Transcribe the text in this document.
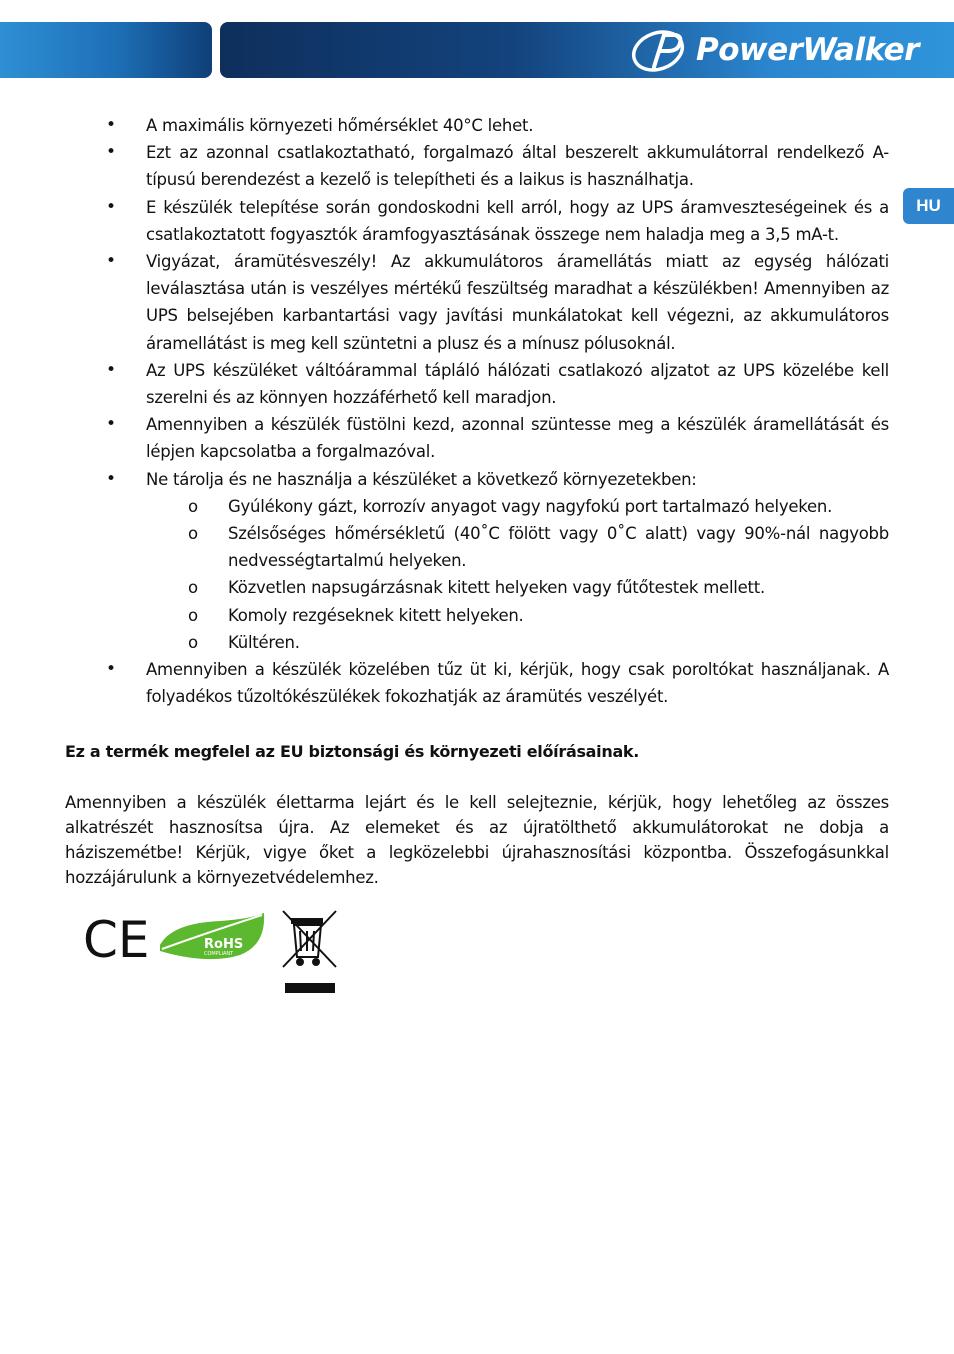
PowerWalker
HU
• A maximális környezeti hőmérséklet 40°C lehet.
• Ezt az azonnal csatlakoztatható, forgalmazó által beszerelt akkumulátorral rendelkező A-típusú berendezést a kezelő is telepítheti és a laikus is használhatja.
• E készülék telepítése során gondoskodni kell arról, hogy az UPS áramveszteségeinek és a csatlakoztatott fogyasztók áramfogyasztásának összege nem haladja meg a 3,5 mA-t.
• Vigyázat, áramütésveszély! Az akkumulátoros áramellátás miatt az egység hálózati leválasztása után is veszélyes mértékű feszültség maradhat a készülékben! Amennyiben az UPS belsejében karbantartási vagy javítási munkálatokat kell végezni, az akkumulátoros áramellátást is meg kell szüntetni a plusz és a mínusz pólusoknál.
• Az UPS készüléket váltóárammal tápláló hálózati csatlakozó aljzatot az UPS közelébe kell szerelni és az könnyen hozzáférhető kell maradjon.
• Amennyiben a készülék füstölni kezd, azonnal szüntesse meg a készülék áramellátását és lépjen kapcsolatba a forgalmazóval.
• Ne tárolja és ne használja a készüléket a következő környezetekben:
o Gyúlékony gázt, korrozív anyagot vagy nagyfokú port tartalmazó helyeken.
o Szélsőséges hőmérsékletű (40˚C fölött vagy 0˚C alatt) vagy 90%-nál nagyobb nedvességtartalmú helyeken.
o Közvetlen napsugárzásnak kitett helyeken vagy fűtőtestek mellett.
o Komoly rezgéseknek kitett helyeken.
o Kültéren.
• Amennyiben a készülék közelében tűz üt ki, kérjük, hogy csak poroltókat használjanak. A folyadékos tűzoltókészülékek fokozhatják az áramütés veszélyét.
Ez a termék megfelel az EU biztonsági és környezeti előírásainak.
Amennyiben a készülék élettarma lejárt és le kell selejteznie, kérjük, hogy lehetőleg az összes alkatrészét hasznosítsa újra. Az elemeket és az újratölthető akkumulátorokat ne dobja a háziszemétbe! Kérjük, vigye őket a legközelebbi újrahasznosítási központba. Összefogásunkkal hozzájárulunk a környezetvédelemhez.
CE	RoHS
COMPLIANT
